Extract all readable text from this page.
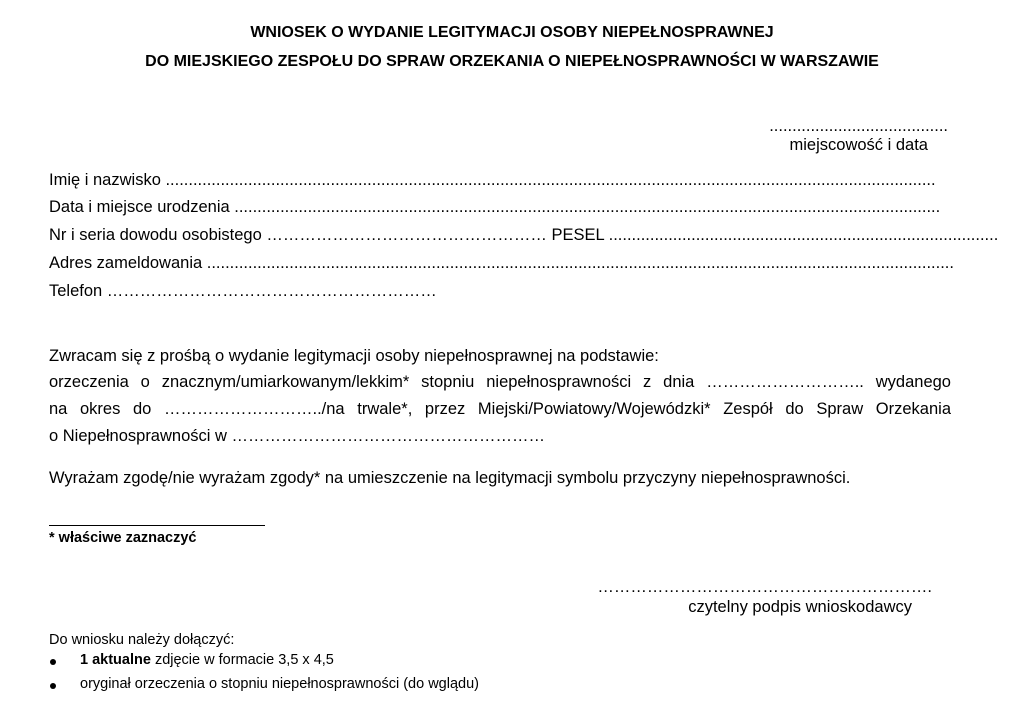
WNIOSEK O WYDANIE LEGITYMACJI OSOBY NIEPEŁNOSPRAWNEJ
DO MIEJSKIEGO ZESPOŁU DO SPRAW ORZEKANIA O NIEPEŁNOSPRAWNOŚCI W WARSZAWIE
.......................................
miejscowość i data
Imię i nazwisko ........................................................................................................................................................................
Data i miejsce urodzenia ..........................................................................................................................................................
Nr i seria dowodu osobistego …………………………………………… PESEL .....................................................................................
Adres zameldowania ...................................................................................................................................................................
Telefon ……………………………………………………
Zwracam się z prośbą o wydanie legitymacji osoby niepełnosprawnej na podstawie:
orzeczenia o znacznym/umiarkowanym/lekkim* stopniu niepełnosprawności z dnia ……………………….. wydanego
na okres do ………………………../na trwale*, przez Miejski/Powiatowy/Wojewódzki* Zespół do Spraw Orzekania
o Niepełnosprawności w …………………………………………………
Wyrażam zgodę/nie wyrażam zgody* na umieszczenie na legitymacji symbolu przyczyny niepełnosprawności.
* właściwe zaznaczyć
…………………………………………………….
czytelny podpis wnioskodawcy
Do wniosku należy dołączyć:
1 aktualne zdjęcie w formacie 3,5 x 4,5
oryginał orzeczenia o stopniu niepełnosprawności (do wglądu)
